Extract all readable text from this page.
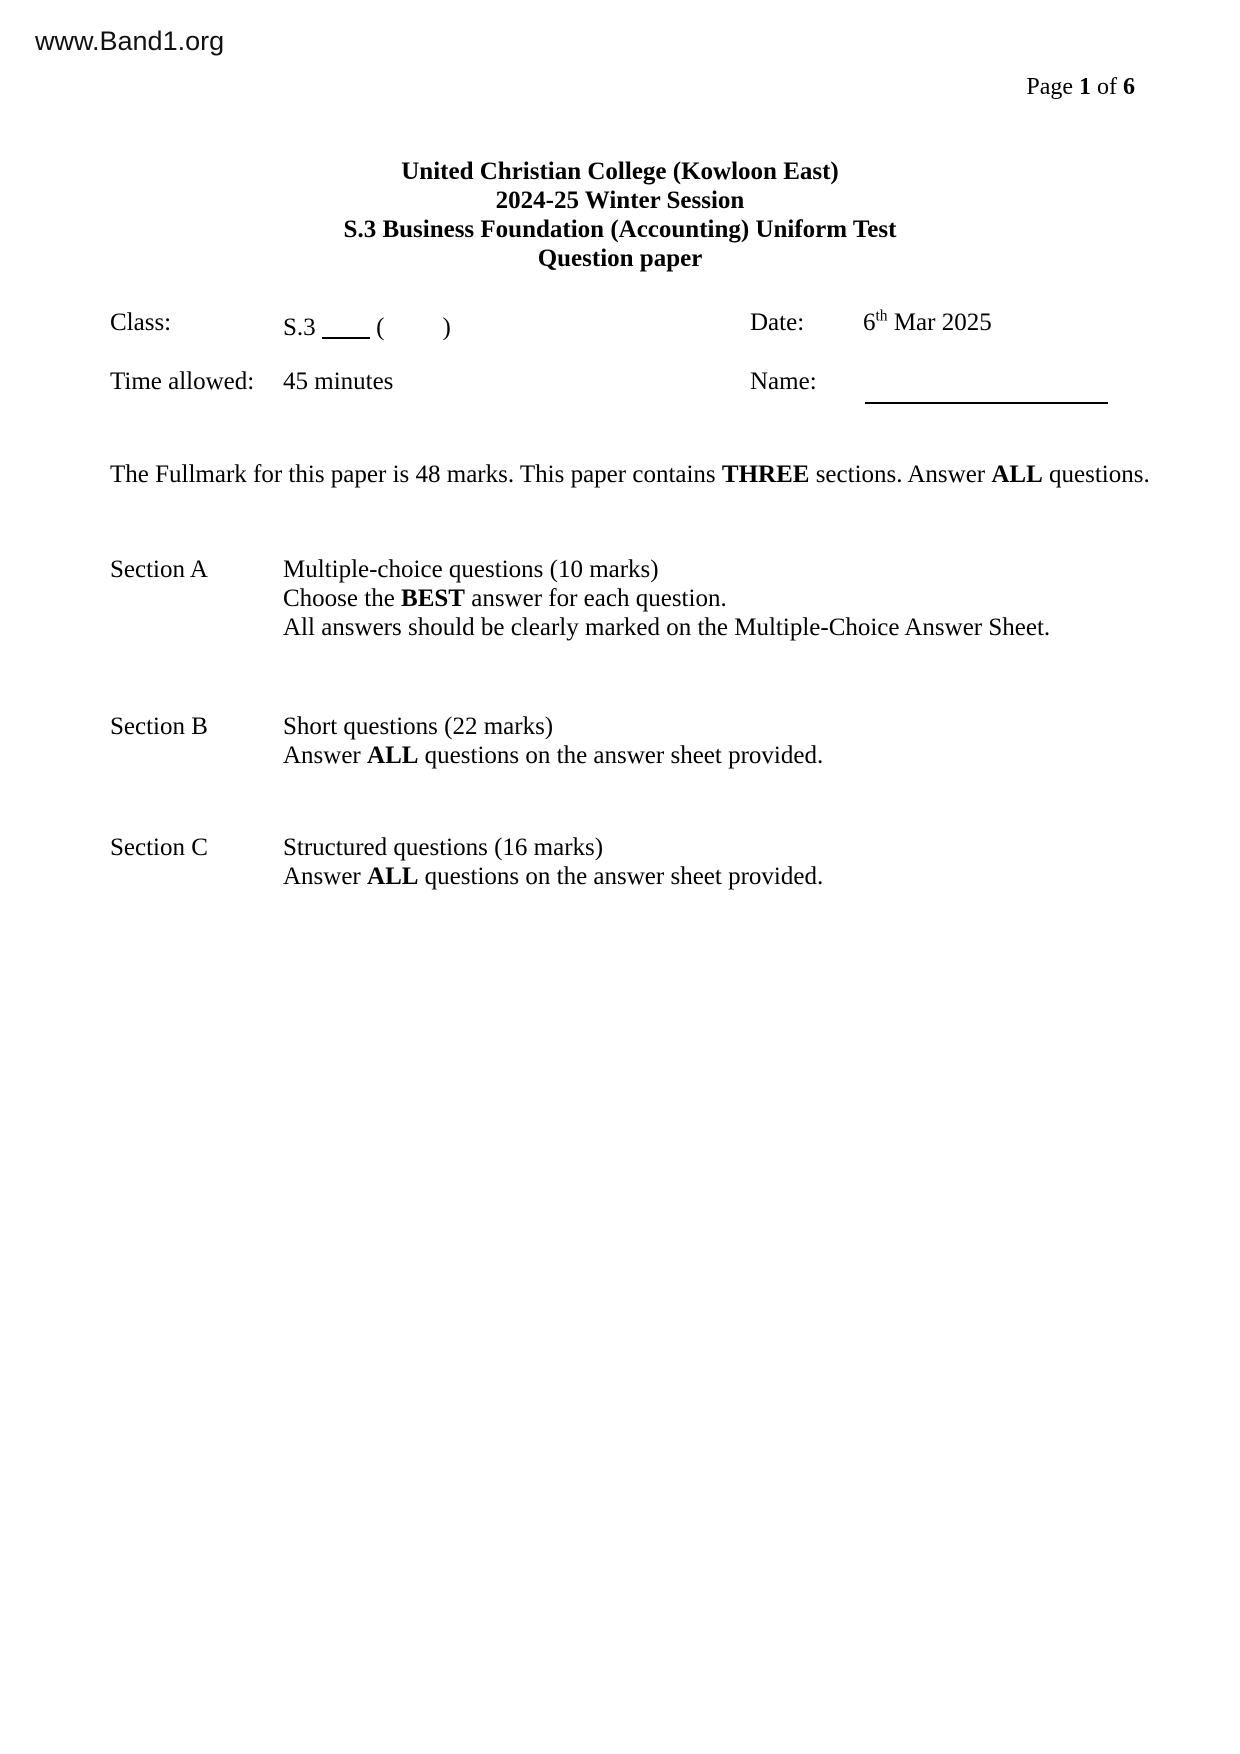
www.Band1.org
Page 1 of 6
United Christian College (Kowloon East)
2024-25 Winter Session
S.3 Business Foundation (Accounting) Uniform Test
Question paper
Class:	S.3  ( )	Date: 6th Mar 2025
Time allowed: 45 minutes	Name:
The Fullmark for this paper is 48 marks. This paper contains THREE sections. Answer ALL questions.
Section A	Multiple-choice questions (10 marks)
Choose the BEST answer for each question.
All answers should be clearly marked on the Multiple-Choice Answer Sheet.
Section B	Short questions (22 marks)
Answer ALL questions on the answer sheet provided.
Section C	Structured questions (16 marks)
Answer ALL questions on the answer sheet provided.
